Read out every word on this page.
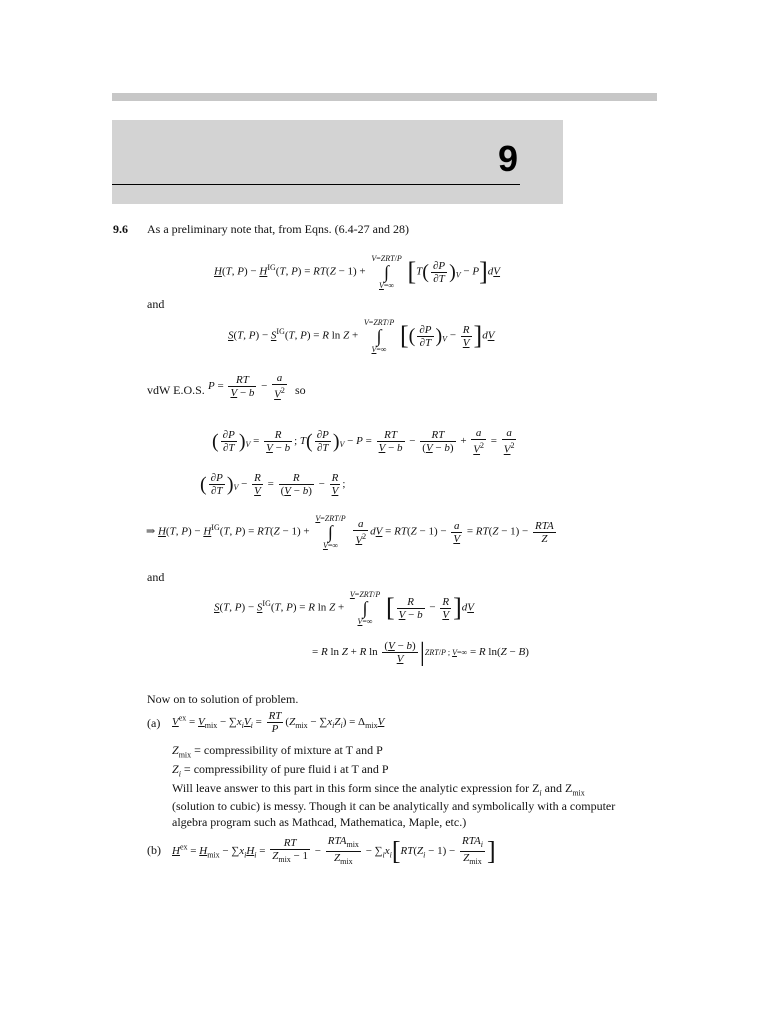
9
9.6 As a preliminary note that, from Eqns. (6.4-27 and 28)
H(T, $P) - H^{IG}(T$, P) = RT(Z − 1) + V=ZRT/P
∫
V=∞ $[T( \frac{\partial P}{\partial T} )_V - P]dV$
and
S(T, $P) - S^{IG}(T$, P) = R ln Z + V=ZRT/P
∫
V=∞ [( $\frac{\partial P}{\partial T} )_V - \frac{R}{V} ]dV$
vdW E.O.S. $P = \frac{RT}{V - b} - \frac{a}{V^2}$ so
( $\frac{\partial P}{\partial T} )_V = \frac{R}{V - b}$ ; $T( \frac{\partial P}{\partial T} )_V - P = \frac{RT}{V - b} - \frac{RT}{(V - b)} + \frac{a}{V^2} = \frac{a}{V^2}$
( $\frac{\partial P}{\partial T} )_V - \frac{R}{V} = \frac{R}{(V - b)} - \frac{R}{V}$ ;
⇒ H(T, $P) - H^{IG}(T$, P) = RT(Z − 1) + V=ZRT/P
∫
$V=\infty \frac{a}{V^2}$ dV = $RT(Z - 1) - \frac{a}{V} = RT(Z - 1) - \frac{\text{RTA}}{Z}$
and
S(T, $P) - S^{IG}(T$, P) = R ln Z + V=ZRT/P
∫
V=∞ [ $\frac{R}{V - b} - \frac{R}{V} ]dV$
= R ln Z + R $\ln \frac{(V - b)}{V} |ZRT/P$ ; V=∞ = R ln(Z − B)
Now on to solution of problem.
(a) $V^{ex} = V_{mix} - \sum x_iV_i = \frac{RT}{P} (Z_{mix} - \sum x_iZ_i) = \Delta_{mix}V$
$Z_{mix}$ = compressibility of mixture at T and P
$Z_i$ = compressibility of pure fluid i at T and P
Will leave answer to this part in this form since the analytic expression for $Z_i$ and $Z_{mix}$
(solution to cubic) is messy. Though it can be analytically and symbolically with a computer
algebra program such as Mathcad, Mathematica, Maple, etc.)
(b) $H^{ex} = H_{mix} - \sum x_iH_i = \frac{RT}{Z_{mix} - 1} - \frac{RTA_{mix}}{Z_{mix}} - \sum_ix_i[RT(Z_i - 1) - \frac{RTA_i}{Z_{mix}}$ ]
